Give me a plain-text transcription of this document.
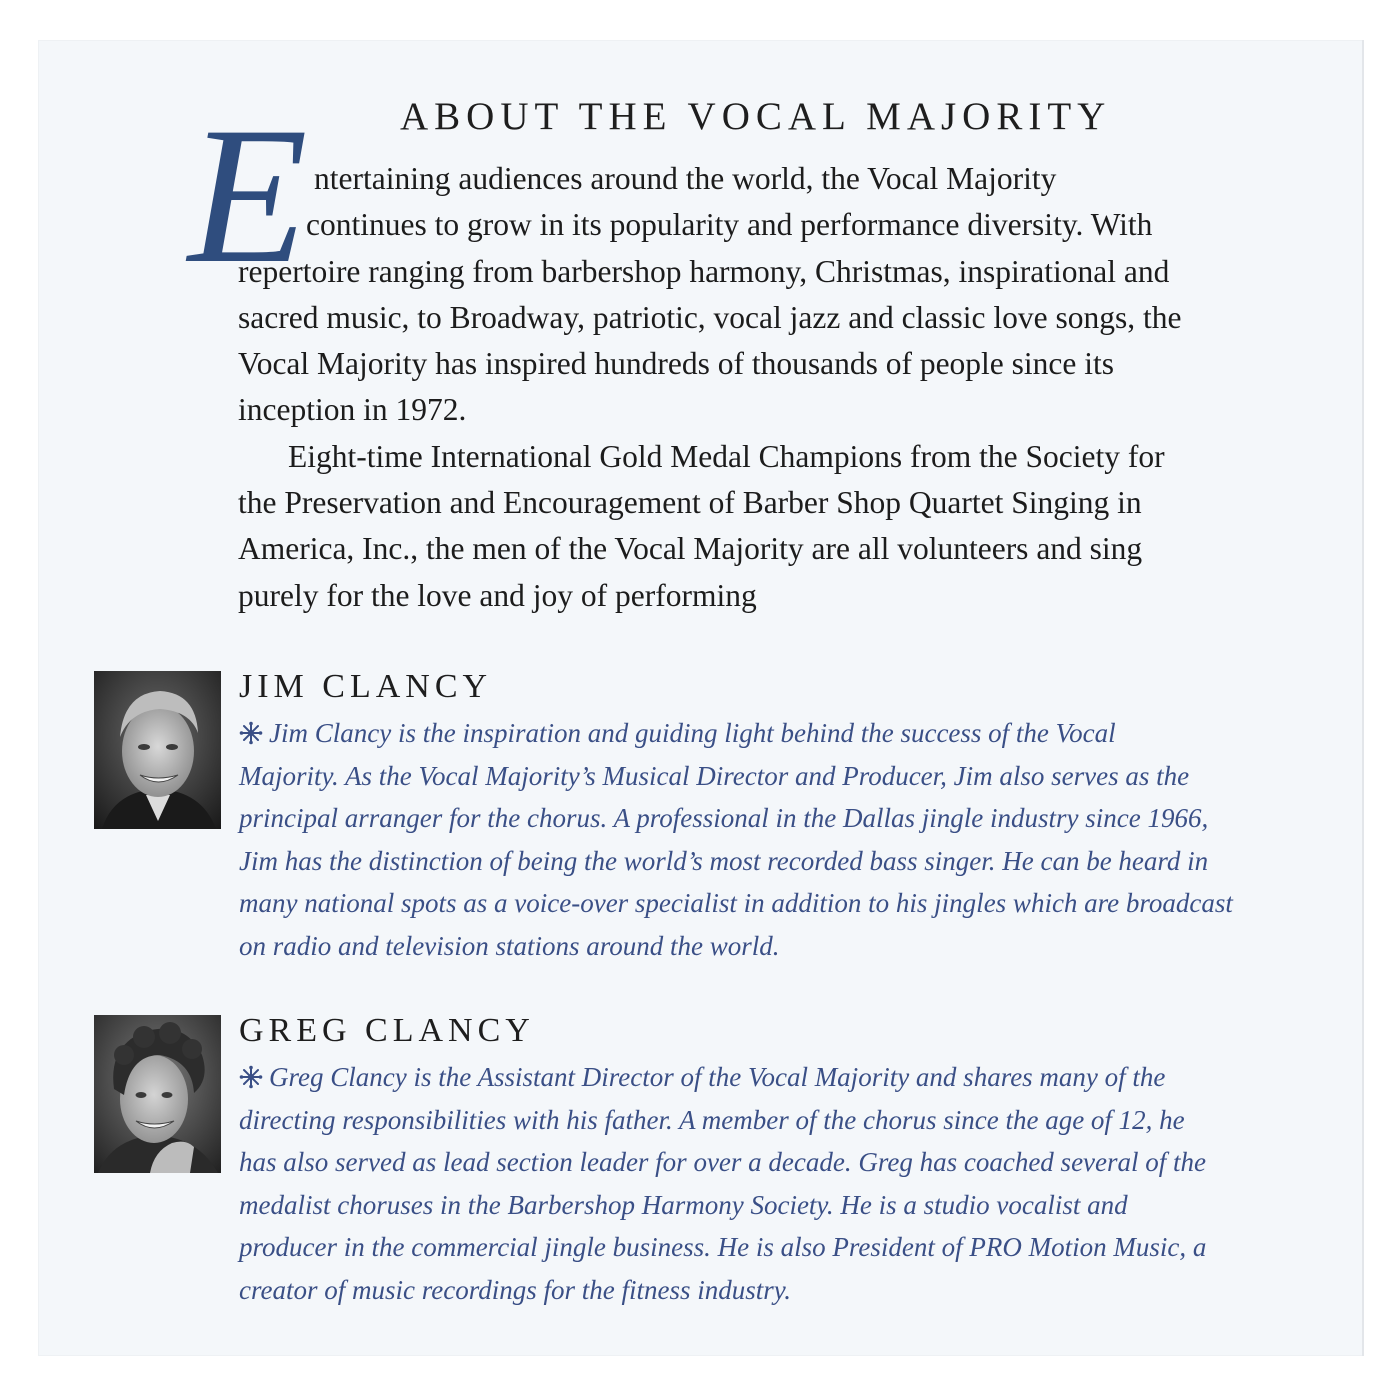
ABOUT THE VOCAL MAJORITY
E ntertaining audiences around the world, the Vocal Majority
continues to grow in its popularity and performance diversity. With
repertoire ranging from barbershop harmony, Christmas, inspirational and
sacred music, to Broadway, patriotic, vocal jazz and classic love songs, the
Vocal Majority has inspired hundreds of thousands of people since its
inception in 1972.
Eight-time International Gold Medal Champions from the Society for
the Preservation and Encouragement of Barber Shop Quartet Singing in
America, Inc., the men of the Vocal Majority are all volunteers and sing
purely for the love and joy of performing

JIM CLANCY

Jim Clancy is the inspiration and guiding light behind the success of the Vocal
Majority. As the Vocal Majority’s Musical Director and Producer, Jim also serves as the
principal arranger for the chorus. A professional in the Dallas jingle industry since 1966,
Jim has the distinction of being the world’s most recorded bass singer. He can be heard in
many national spots as a voice-over specialist in addition to his jingles which are broadcast
on radio and television stations around the world.

GREG CLANCY

Greg Clancy is the Assistant Director of the Vocal Majority and shares many of the
directing responsibilities with his father. A member of the chorus since the age of 12, he
has also served as lead section leader for over a decade. Greg has coached several of the
medalist choruses in the Barbershop Harmony Society. He is a studio vocalist and
producer in the commercial jingle business. He is also President of PRO Motion Music, a
creator of music recordings for the fitness industry.
